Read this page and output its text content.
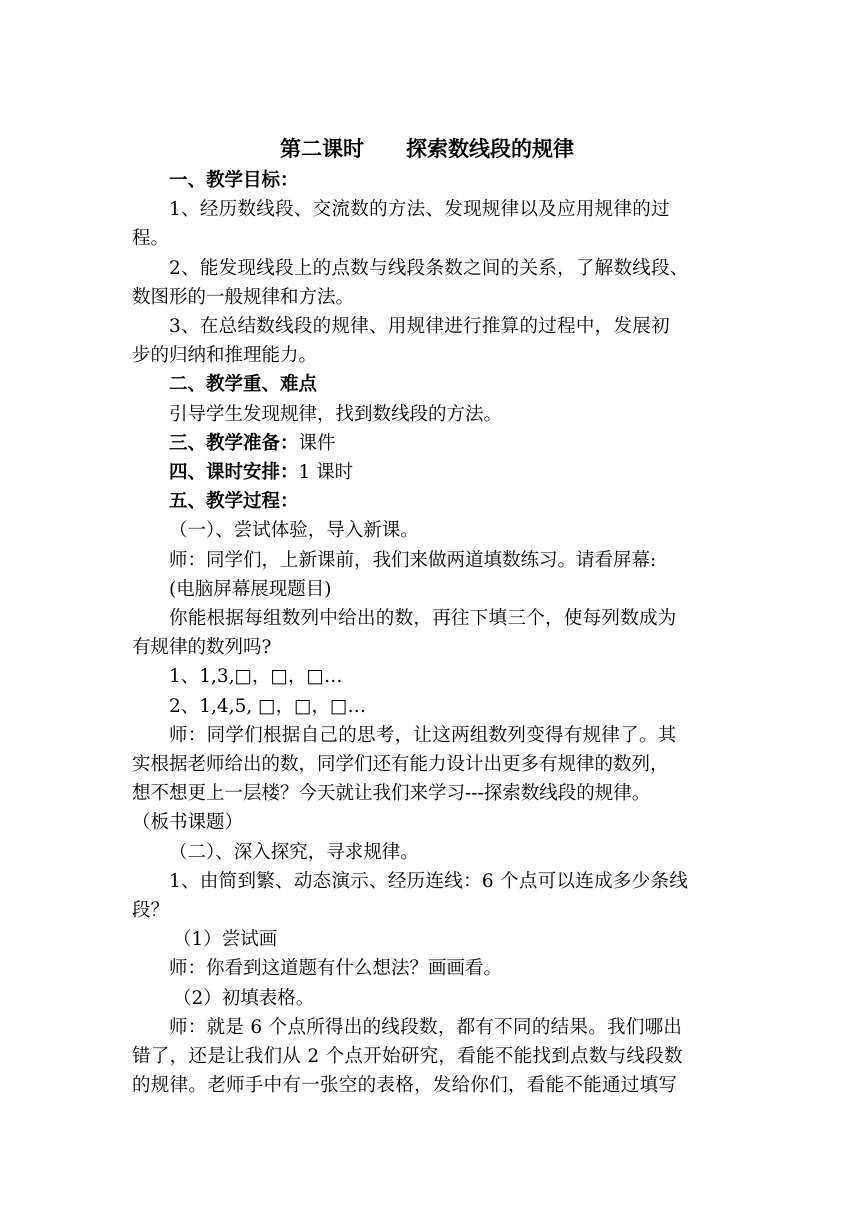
第二课时　　探索数线段的规律

一、教学目标：

1、经历数线段、交流数的方法、发现规律以及应用规律的过

程。

2、能发现线段上的点数与线段条数之间的关系，了解数线段、

数图形的一般规律和方法。

3、在总结数线段的规律、用规律进行推算的过程中，发展初

步的归纳和推理能力。

二、教学重、难点

引导学生发现规律，找到数线段的方法。

三、教学准备：课件

四、课时安排：1 课时

五、教学过程：

（一）、尝试体验，导入新课。

师：同学们，上新课前，我们来做两道填数练习。请看屏幕:

(电脑屏幕展现题目)

你能根据每组数列中给出的数，再往下填三个，使每列数成为

有规律的数列吗?

1、1,3,□，□，□…

2、1,4,5, □，□，□…

师：同学们根据自己的思考，让这两组数列变得有规律了。其

实根据老师给出的数，同学们还有能力设计出更多有规律的数列，

想不想更上一层楼？今天就让我们来学习---探索数线段的规律。

（板书课题）

（二）、深入探究，寻求规律。

1、由简到繁、动态演示、经历连线：6 个点可以连成多少条线

段？

（1）尝试画

师：你看到这道题有什么想法？画画看。

（2）初填表格。

师：就是 6 个点所得出的线段数，都有不同的结果。我们哪出

错了，还是让我们从 2 个点开始研究，看能不能找到点数与线段数

的规律。老师手中有一张空的表格，发给你们，看能不能通过填写
